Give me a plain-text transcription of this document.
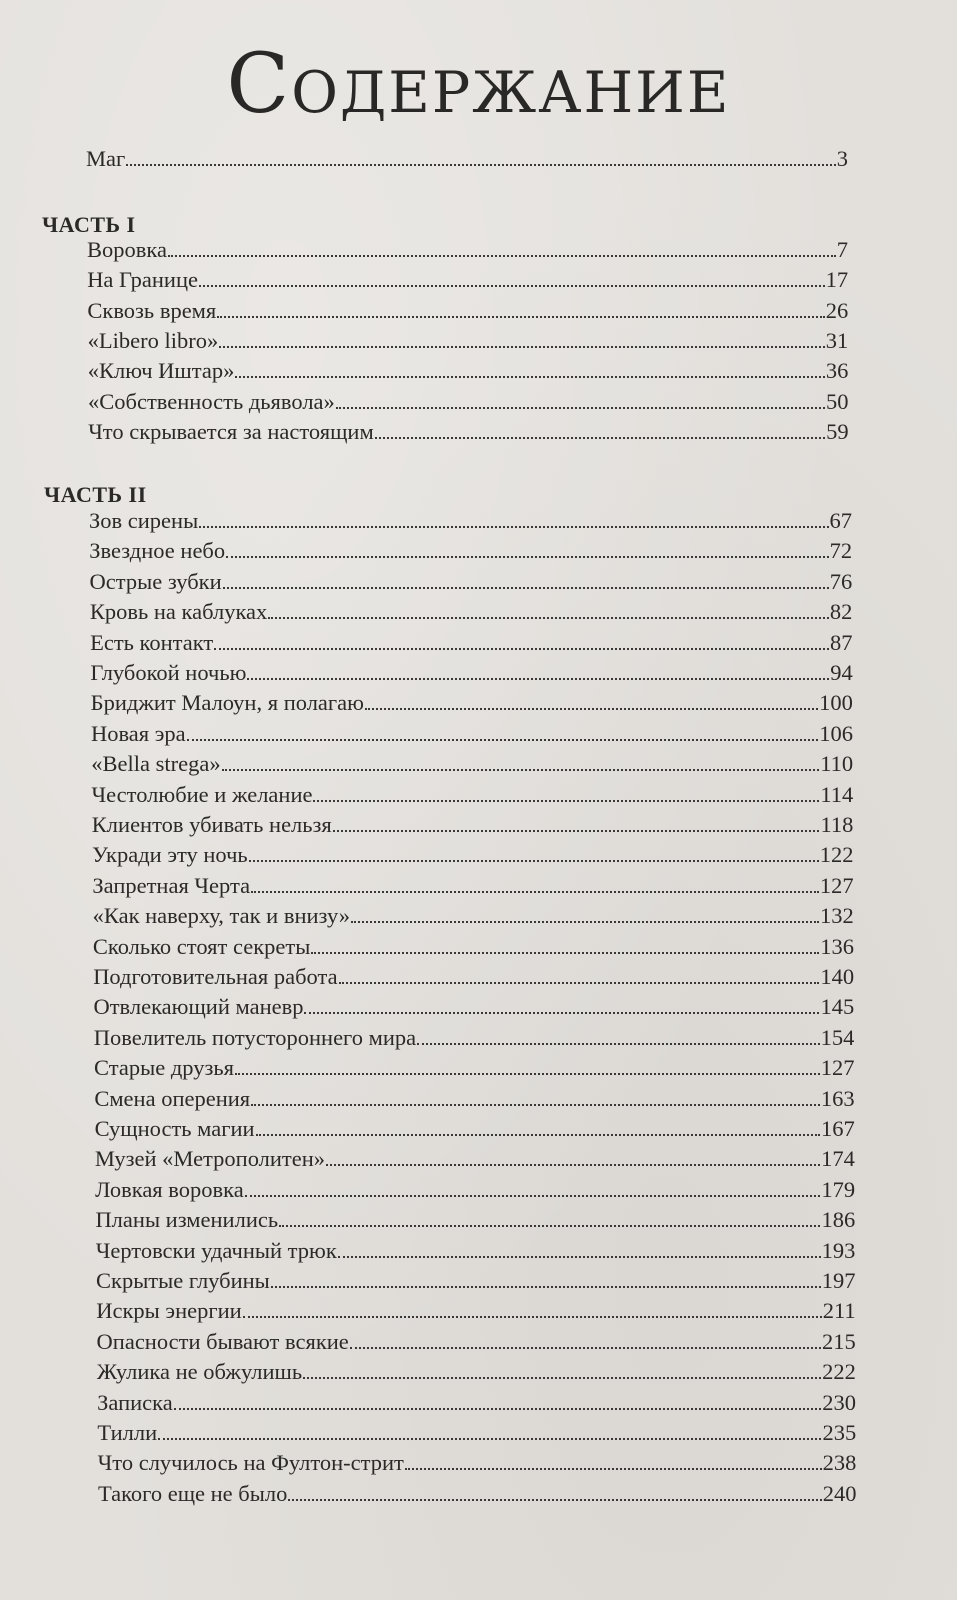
Содержание
Маг	3
ЧАСТЬ I
Воровка	7
На Границе	17
Сквозь время	26
«Libero libro»	31
«Ключ Иштар»	36
«Собственность дьявола»	50
Что скрывается за настоящим	59
ЧАСТЬ II
Зов сирены	67
Звездное небо	72
Острые зубки	76
Кровь на каблуках	82
Есть контакт	87
Глубокой ночью	94
Бриджит Малоун, я полагаю	100
Новая эра	106
«Bella strega»	110
Честолюбие и желание	114
Клиентов убивать нельзя	118
Укради эту ночь	122
Запретная Черта	127
«Как наверху, так и внизу»	132
Сколько стоят секреты	136
Подготовительная работа	140
Отвлекающий маневр	145
Повелитель потустороннего мира	154
Старые друзья	127
Смена оперения	163
Сущность магии	167
Музей «Метрополитен»	174
Ловкая воровка	179
Планы изменились	186
Чертовски удачный трюк	193
Скрытые глубины	197
Искры энергии	211
Опасности бывают всякие	215
Жулика не обжулишь	222
Записка	230
Тилли	235
Что случилось на Фултон-стрит	238
Такого еще не было	240
